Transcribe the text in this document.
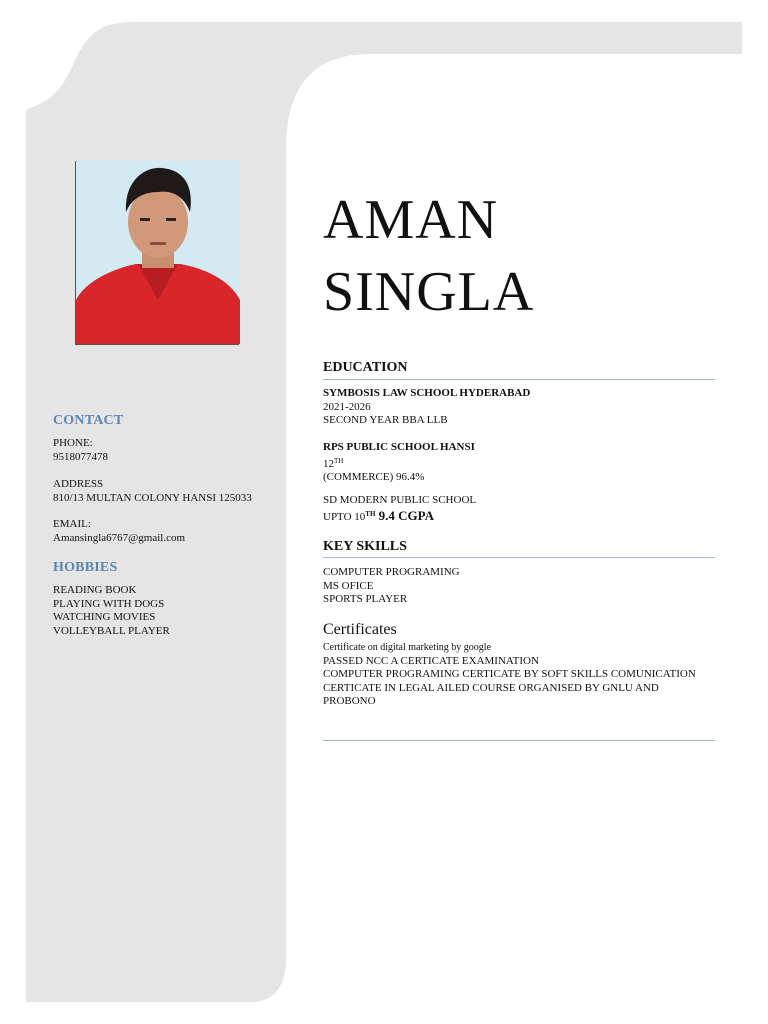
CONTACT
PHONE:
9518077478
ADDRESS
810/13 MULTAN COLONY HANSI 125033
EMAIL:
Amansingla6767@gmail.com
HOBBIES
READING BOOK
PLAYING WITH DOGS
WATCHING MOVIES
VOLLEYBALL PLAYER
AMAN
SINGLA
EDUCATION
SYMBOSIS LAW SCHOOL HYDERABAD
2021-2026
SECOND YEAR BBA LLB
RPS PUBLIC SCHOOL HANSI
12TH
(COMMERCE) 96.4%
SD MODERN PUBLIC SCHOOL
UPTO 10TH 9.4 CGPA
KEY SKILLS
COMPUTER PROGRAMING
MS OFICE
SPORTS PLAYER
Certificates
Certificate on digital marketing by google
PASSED NCC A CERTICATE EXAMINATION
COMPUTER PROGRAMING CERTICATE BY SOFT SKILLS COMUNICATION
CERTICATE IN LEGAL AILED COURSE ORGANISED BY GNLU AND
PROBONO
